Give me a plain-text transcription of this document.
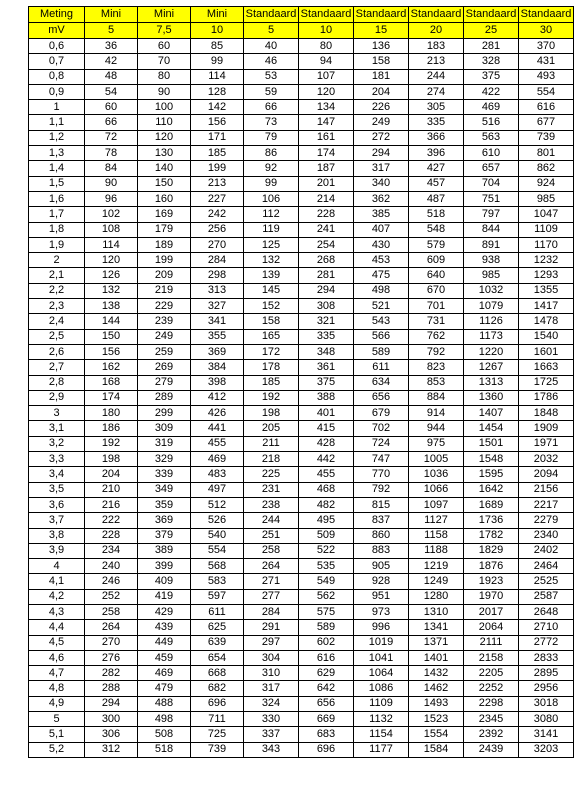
Meting	Mini	Mini	Mini	Standaard	Standaard	Standaard	Standaard	Standaard	Standaard
mV	5	7,5	10	5	10	15	20	25	30
0,6	36	60	85	40	80	136	183	281	370
0,7	42	70	99	46	94	158	213	328	431
0,8	48	80	114	53	107	181	244	375	493
0,9	54	90	128	59	120	204	274	422	554
1	60	100	142	66	134	226	305	469	616
1,1	66	110	156	73	147	249	335	516	677
1,2	72	120	171	79	161	272	366	563	739
1,3	78	130	185	86	174	294	396	610	801
1,4	84	140	199	92	187	317	427	657	862
1,5	90	150	213	99	201	340	457	704	924
1,6	96	160	227	106	214	362	487	751	985
1,7	102	169	242	112	228	385	518	797	1047
1,8	108	179	256	119	241	407	548	844	1109
1,9	114	189	270	125	254	430	579	891	1170
2	120	199	284	132	268	453	609	938	1232
2,1	126	209	298	139	281	475	640	985	1293
2,2	132	219	313	145	294	498	670	1032	1355
2,3	138	229	327	152	308	521	701	1079	1417
2,4	144	239	341	158	321	543	731	1126	1478
2,5	150	249	355	165	335	566	762	1173	1540
2,6	156	259	369	172	348	589	792	1220	1601
2,7	162	269	384	178	361	611	823	1267	1663
2,8	168	279	398	185	375	634	853	1313	1725
2,9	174	289	412	192	388	656	884	1360	1786
3	180	299	426	198	401	679	914	1407	1848
3,1	186	309	441	205	415	702	944	1454	1909
3,2	192	319	455	211	428	724	975	1501	1971
3,3	198	329	469	218	442	747	1005	1548	2032
3,4	204	339	483	225	455	770	1036	1595	2094
3,5	210	349	497	231	468	792	1066	1642	2156
3,6	216	359	512	238	482	815	1097	1689	2217
3,7	222	369	526	244	495	837	1127	1736	2279
3,8	228	379	540	251	509	860	1158	1782	2340
3,9	234	389	554	258	522	883	1188	1829	2402
4	240	399	568	264	535	905	1219	1876	2464
4,1	246	409	583	271	549	928	1249	1923	2525
4,2	252	419	597	277	562	951	1280	1970	2587
4,3	258	429	611	284	575	973	1310	2017	2648
4,4	264	439	625	291	589	996	1341	2064	2710
4,5	270	449	639	297	602	1019	1371	2111	2772
4,6	276	459	654	304	616	1041	1401	2158	2833
4,7	282	469	668	310	629	1064	1432	2205	2895
4,8	288	479	682	317	642	1086	1462	2252	2956
4,9	294	488	696	324	656	1109	1493	2298	3018
5	300	498	711	330	669	1132	1523	2345	3080
5,1	306	508	725	337	683	1154	1554	2392	3141
5,2	312	518	739	343	696	1177	1584	2439	3203
